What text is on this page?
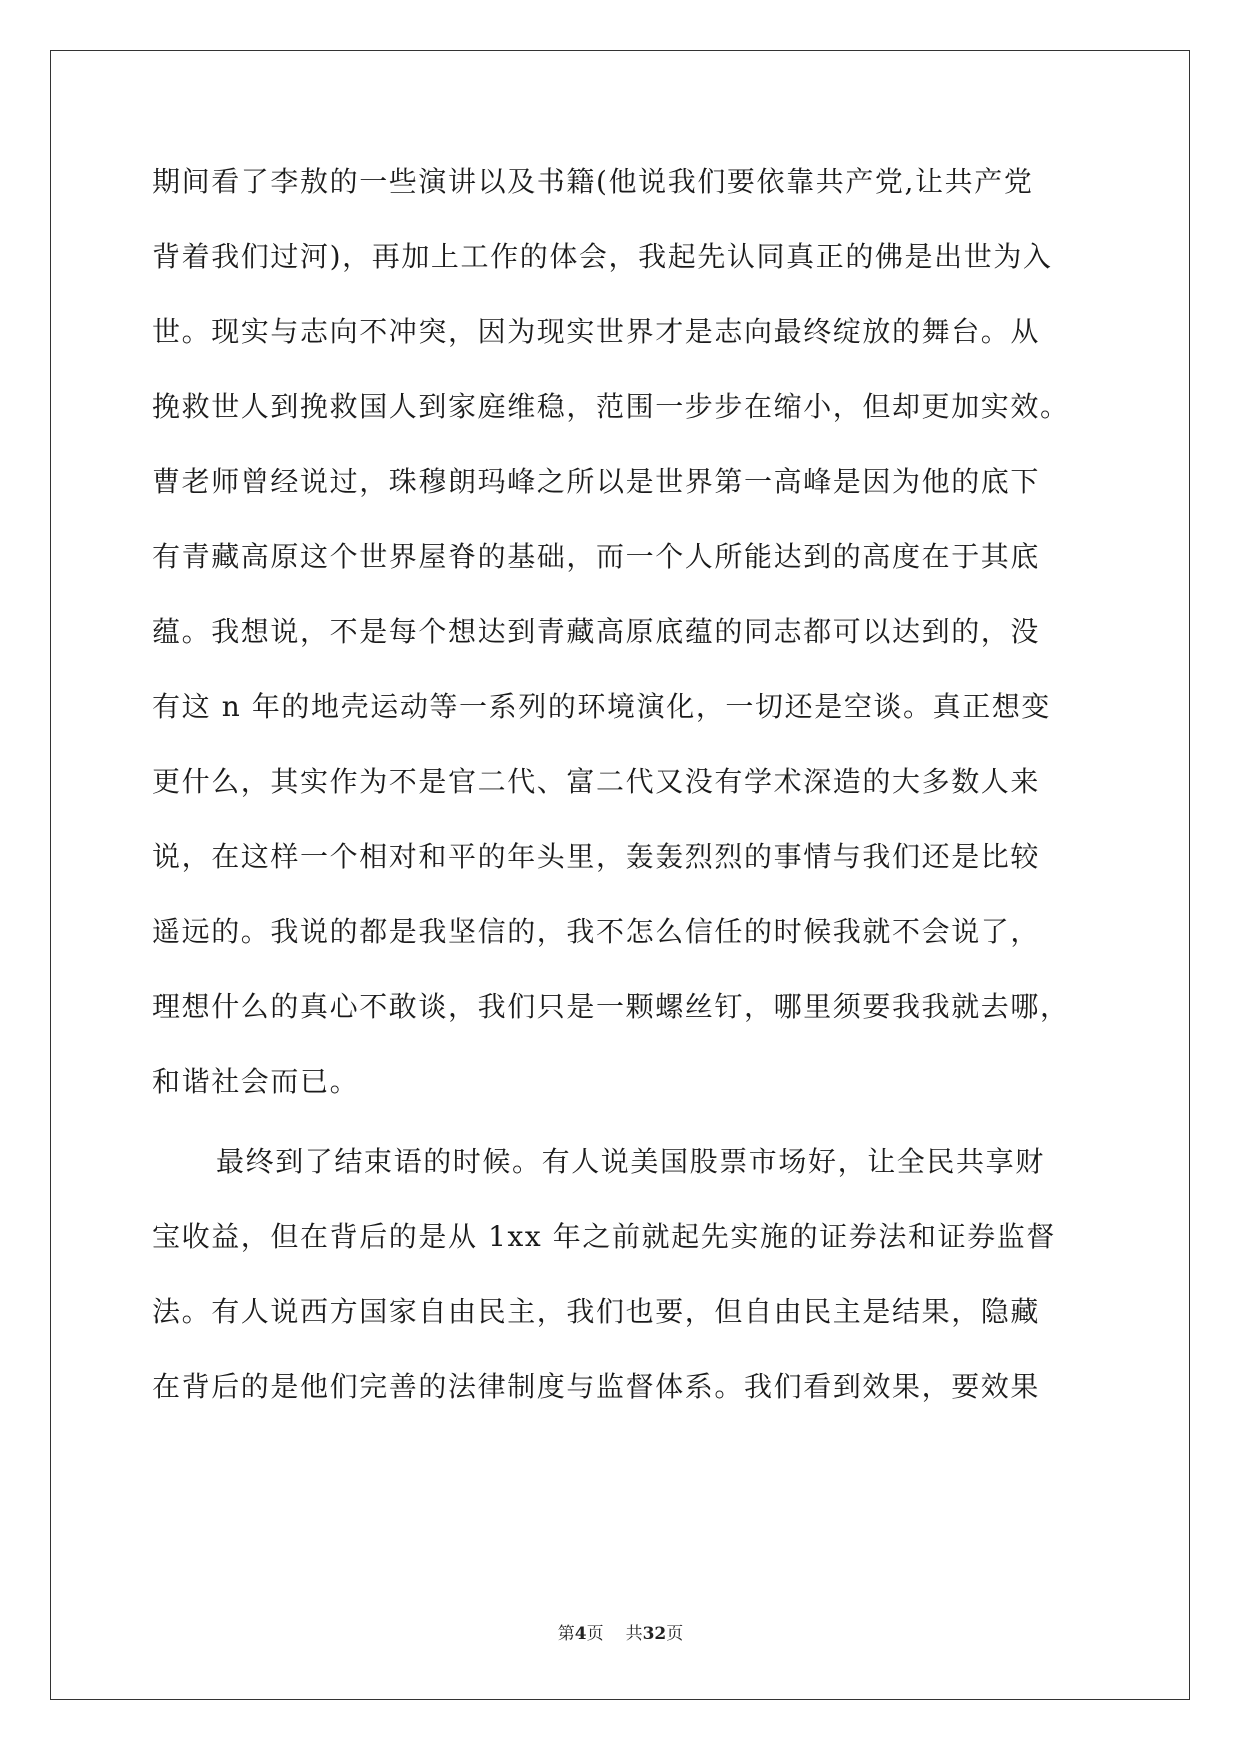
期间看了李敖的一些演讲以及书籍(他说我们要依靠共产党,让共产党
背着我们过河)，再加上工作的体会，我起先认同真正的佛是出世为入
世。现实与志向不冲突，因为现实世界才是志向最终绽放的舞台。从
挽救世人到挽救国人到家庭维稳，范围一步步在缩小，但却更加实效。
曹老师曾经说过，珠穆朗玛峰之所以是世界第一高峰是因为他的底下
有青藏高原这个世界屋脊的基础，而一个人所能达到的高度在于其底
蕴。我想说，不是每个想达到青藏高原底蕴的同志都可以达到的，没
有这 n 年的地壳运动等一系列的环境演化，一切还是空谈。真正想变
更什么，其实作为不是官二代、富二代又没有学术深造的大多数人来
说，在这样一个相对和平的年头里，轰轰烈烈的事情与我们还是比较
遥远的。我说的都是我坚信的，我不怎么信任的时候我就不会说了，
理想什么的真心不敢谈，我们只是一颗螺丝钉，哪里须要我我就去哪，
和谐社会而已。
最终到了结束语的时候。有人说美国股票市场好，让全民共享财
宝收益，但在背后的是从 1xx 年之前就起先实施的证券法和证券监督
法。有人说西方国家自由民主，我们也要，但自由民主是结果，隐藏
在背后的是他们完善的法律制度与监督体系。我们看到效果，要效果
第4页 共32页
